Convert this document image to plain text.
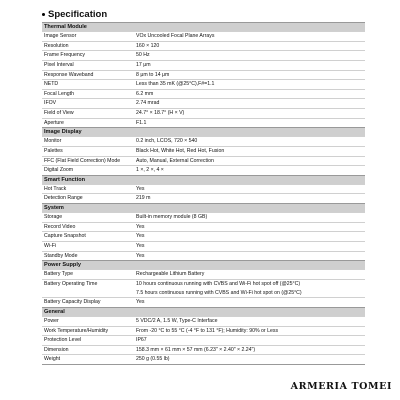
Specification
Thermal Module
Image Sensor	VOx Uncooled Focal Plane Arrays
Resolution	160 × 120
Frame Frequency	50 Hz
Pixel Interval	17 μm
Response Waveband	8 μm to 14 μm
NETD	Less than 35 mK (@25°C),F#=1.1
Focal Length	6.2 mm
IFOV	2.74 mrad
Field of View	24.7° × 18.7° (H × V)
Aperture	F1.1
Image Display
Monitor	0.2 inch, LCOS, 720 × 540
Palettes	Black Hot, White Hot, Red Hot, Fusion
FFC (Flat Field Correction) Mode	Auto, Manual, External Correction
Digital Zoom	1 ×, 2 ×, 4 ×
Smart Function
Hot Track	Yes
Detection Range	219 m
System
Storage	Built-in memory module (8 GB)
Record Video	Yes
Capture Snapshot	Yes
Wi-Fi	Yes
Standby Mode	Yes
Power Supply
Battery Type	Rechargeable Lithium Battery
Battery Operating Time	10 hours continuous running with CVBS and Wi-Fi hot spot off (@25°C)
7.5 hours continuous running with CVBS and Wi-Fi hot spot on (@25°C)
Battery Capacity Display	Yes
General
Power	5 VDC/2 A, 1.5 W, Type-C Interface
Work Temperature/Humidity	From -20 °C to 55 °C (-4 °F to 131 °F); Humidity: 90% or Less
Protection Level	IP67
Dimension	158.3 mm × 61 mm × 57 mm (6.23" × 2.40" × 2.24")
Weight	250 g (0.55 lb)
ARMERIA TOMEI
